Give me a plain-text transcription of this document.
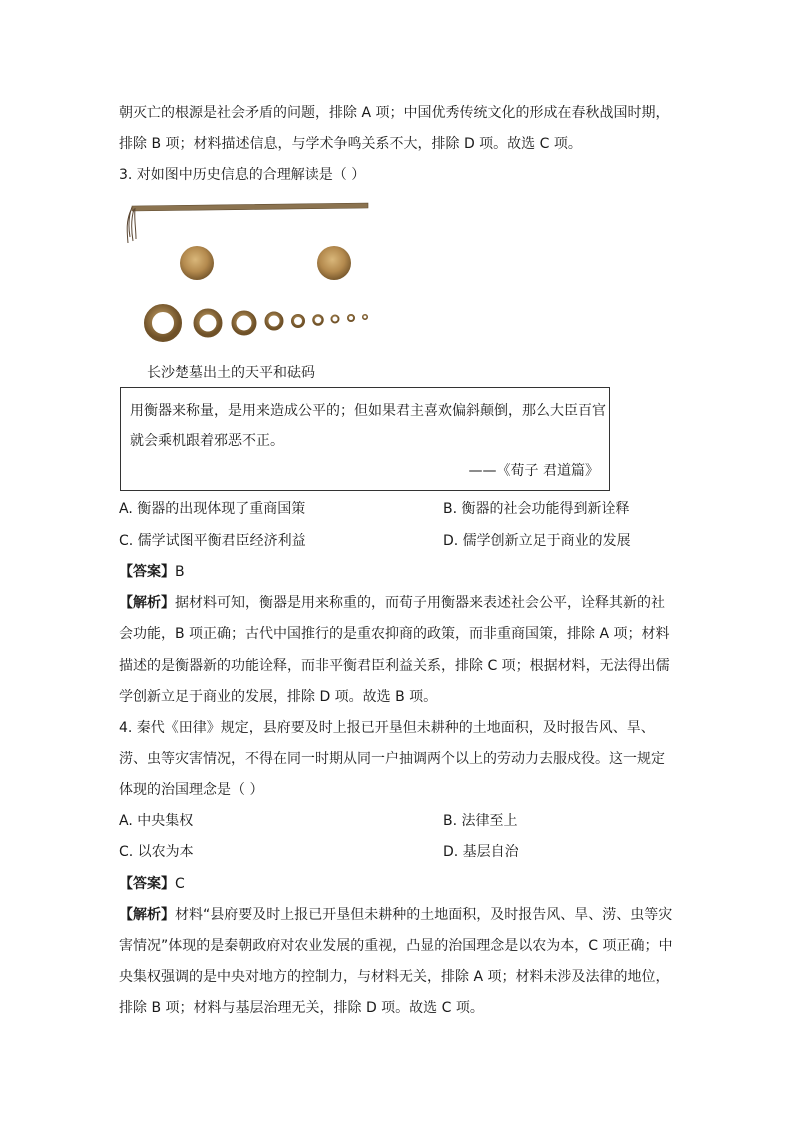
朝灭亡的根源是社会矛盾的问题，排除 A 项；中国优秀传统文化的形成在春秋战国时期，
排除 B 项；材料描述信息，与学术争鸣关系不大，排除 D 项。故选 C 项。
3. 对如图中历史信息的合理解读是（ ）
长沙楚墓出土的天平和砝码
用衡器来称量，是用来造成公平的；但如果君主喜欢偏斜颠倒，那么大臣百官
就会乘机跟着邪恶不正。
——《荀子 君道篇》
A. 衡器的出现体现了重商国策	B. 衡器的社会功能得到新诠释
C. 儒学试图平衡君臣经济利益	D. 儒学创新立足于商业的发展
【答案】B
【解析】据材料可知，衡器是用来称重的，而荀子用衡器来表述社会公平，诠释其新的社
会功能，B 项正确；古代中国推行的是重农抑商的政策，而非重商国策，排除 A 项；材料
描述的是衡器新的功能诠释，而非平衡君臣利益关系，排除 C 项；根据材料，无法得出儒
学创新立足于商业的发展，排除 D 项。故选 B 项。
4. 秦代《田律》规定，县府要及时上报已开垦但未耕种的土地面积，及时报告风、旱、
涝、虫等灾害情况，不得在同一时期从同一户抽调两个以上的劳动力去服戍役。这一规定
体现的治国理念是（ ）
A. 中央集权	B. 法律至上
C. 以农为本	D. 基层自治
【答案】C
【解析】材料“县府要及时上报已开垦但未耕种的土地面积，及时报告风、旱、涝、虫等灾
害情况”体现的是秦朝政府对农业发展的重视，凸显的治国理念是以农为本，C 项正确；中
央集权强调的是中央对地方的控制力，与材料无关，排除 A 项；材料未涉及法律的地位，
排除 B 项；材料与基层治理无关，排除 D 项。故选 C 项。
